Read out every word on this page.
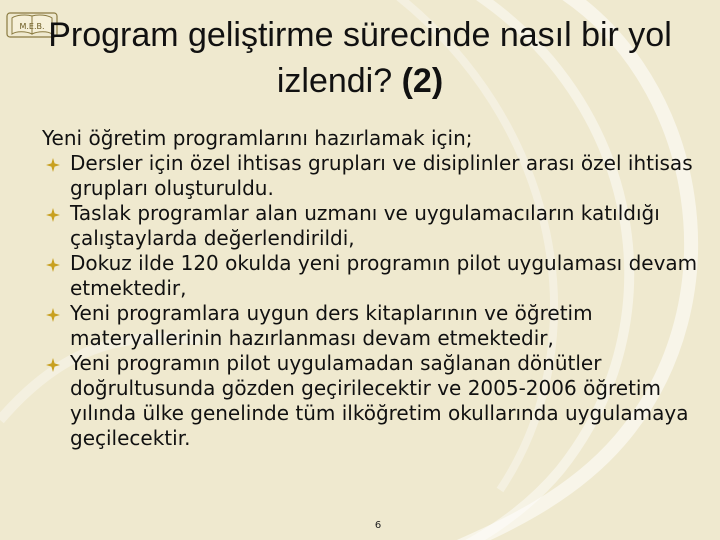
M.E.B. Program geliştirme sürecinde nasıl bir yol izlendi? (2)

Yeni öğretim programlarını hazırlamak için;

Dersler için özel ihtisas grupları ve disiplinler arası özel ihtisas grupları oluşturuldu.
Taslak programlar alan uzmanı ve uygulamacıların katıldığı çalıştaylarda değerlendirildi,
Dokuz ilde 120 okulda yeni programın pilot uygulaması devam etmektedir,
Yeni programlara uygun ders kitaplarının ve öğretim materyallerinin hazırlanması devam etmektedir,
Yeni programın pilot uygulamadan sağlanan dönütler doğrultusunda gözden geçirilecektir ve 2005-2006 öğretim yılında ülke genelinde tüm ilköğretim okullarında uygulamaya geçilecektir.
6
